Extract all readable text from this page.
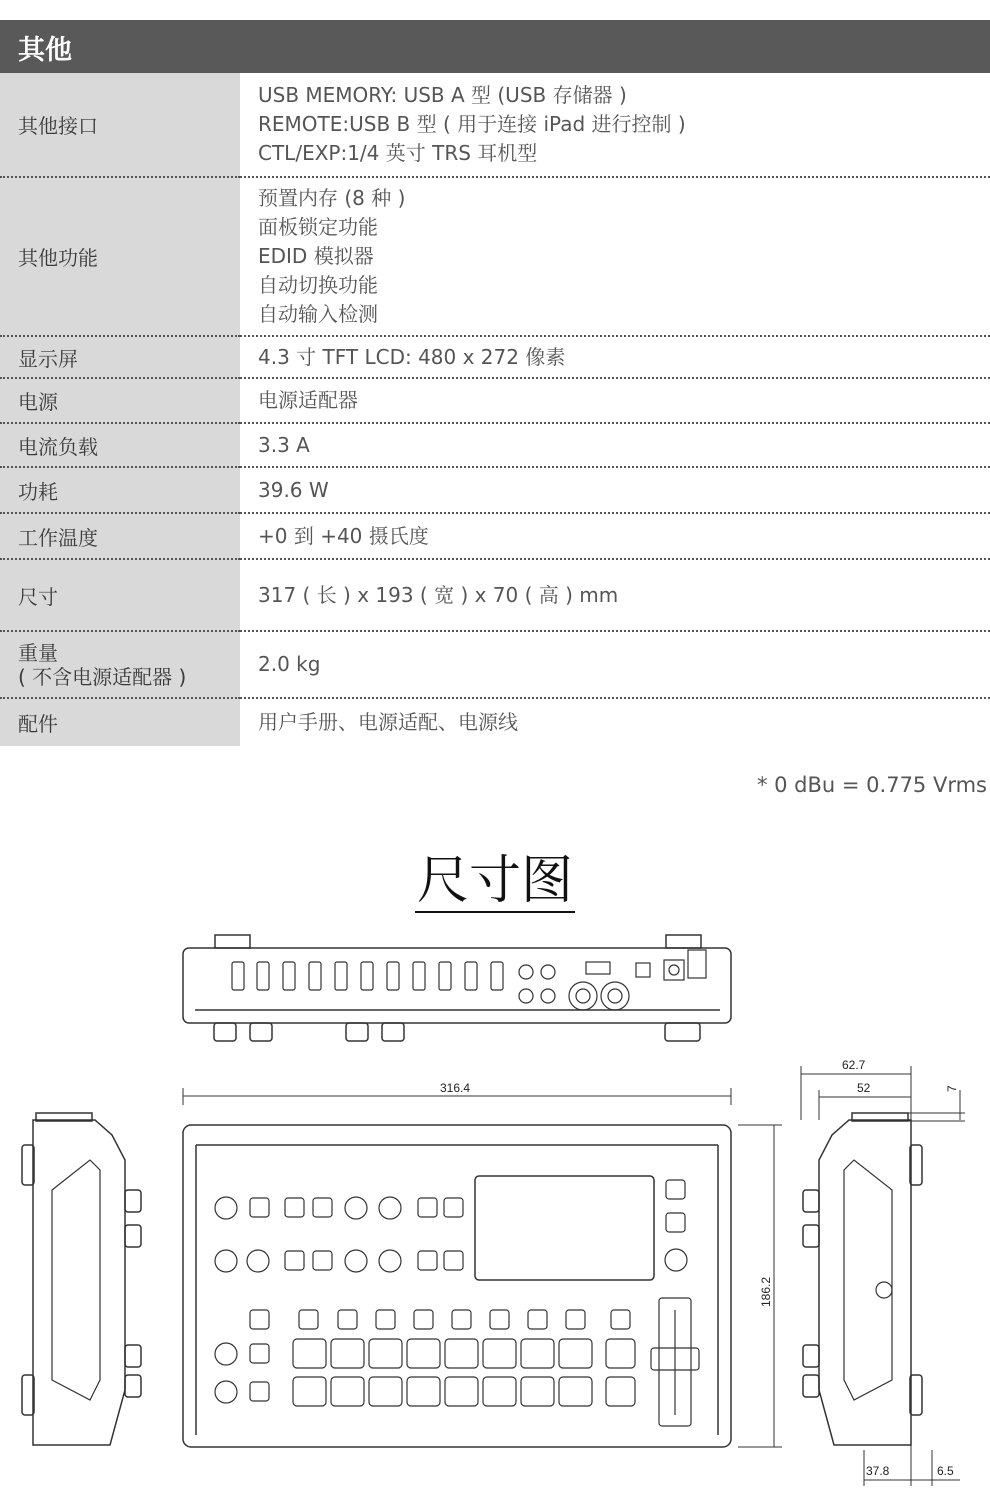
其他
其他接口	USB MEMORY: USB A 型 (USB 存储器 )
REMOTE:USB B 型 ( 用于连接 iPad 进行控制 )
CTL/EXP:1/4 英寸 TRS 耳机型

其他功能	预置内存 (8 种 )
面板锁定功能
EDID 模拟器
自动切换功能
自动输入检测

显示屏	4.3 寸 TFT LCD: 480 x 272 像素

电源	电源适配器

电流负载	3.3 A

功耗	39.6 W

工作温度	+0 到 +40 摄氏度

尺寸	317 ( 长 ) x 193 ( 宽 ) x 70 ( 高 ) mm

重量
( 不含电源适配器 )	2.0 kg

配件	用户手册、电源适配、电源线
* 0 dBu = 0.775 Vrms
尺寸图
316.4
186.2
62.7
52	7
37.8	6.5
